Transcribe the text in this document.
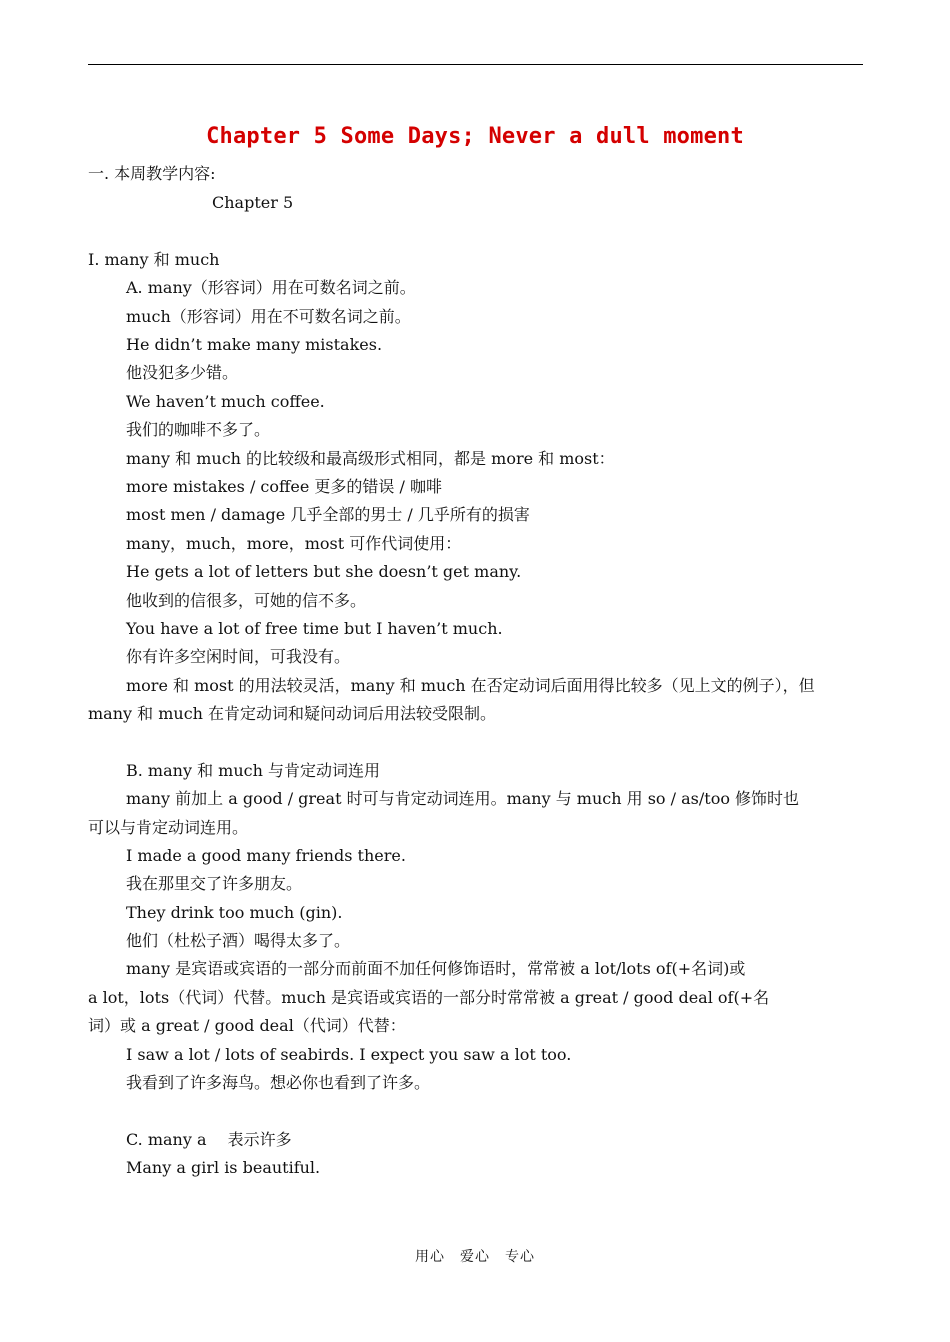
Chapter 5 Some Days; Never a dull moment
一. 本周教学内容:
Chapter 5
I. many 和 much
A. many（形容词）用在可数名词之前。
much（形容词）用在不可数名词之前。
He didn’t make many mistakes.
他没犯多少错。
We haven’t much coffee.
我们的咖啡不多了。
many 和 much 的比较级和最高级形式相同，都是 more 和 most：
more mistakes / coffee 更多的错误 / 咖啡
most men / damage 几乎全部的男士 / 几乎所有的损害
many，much，more，most 可作代词使用：
He gets a lot of letters but she doesn’t get many.
他收到的信很多，可她的信不多。
You have a lot of free time but I haven’t much.
你有许多空闲时间，可我没有。
more 和 most 的用法较灵活，many 和 much 在否定动词后面用得比较多（见上文的例子），但
many 和 much 在肯定动词和疑问动词后用法较受限制。
B. many 和 much 与肯定动词连用
many 前加上 a good / great 时可与肯定动词连用。many 与 much 用 so / as/too 修饰时也
可以与肯定动词连用。
I made a good many friends there.
我在那里交了许多朋友。
They drink too much (gin).
他们（杜松子酒）喝得太多了。
many 是宾语或宾语的一部分而前面不加任何修饰语时，常常被 a lot/lots of(+名词)或
a lot，lots（代词）代替。much 是宾语或宾语的一部分时常常被 a great / good deal of(+名
词）或 a great / good deal（代词）代替：
I saw a lot / lots of seabirds. I expect you saw a lot too.
我看到了许多海鸟。想必你也看到了许多。
C. many a　 表示许多
Many a girl is beautiful.
用心　爱心　专心
